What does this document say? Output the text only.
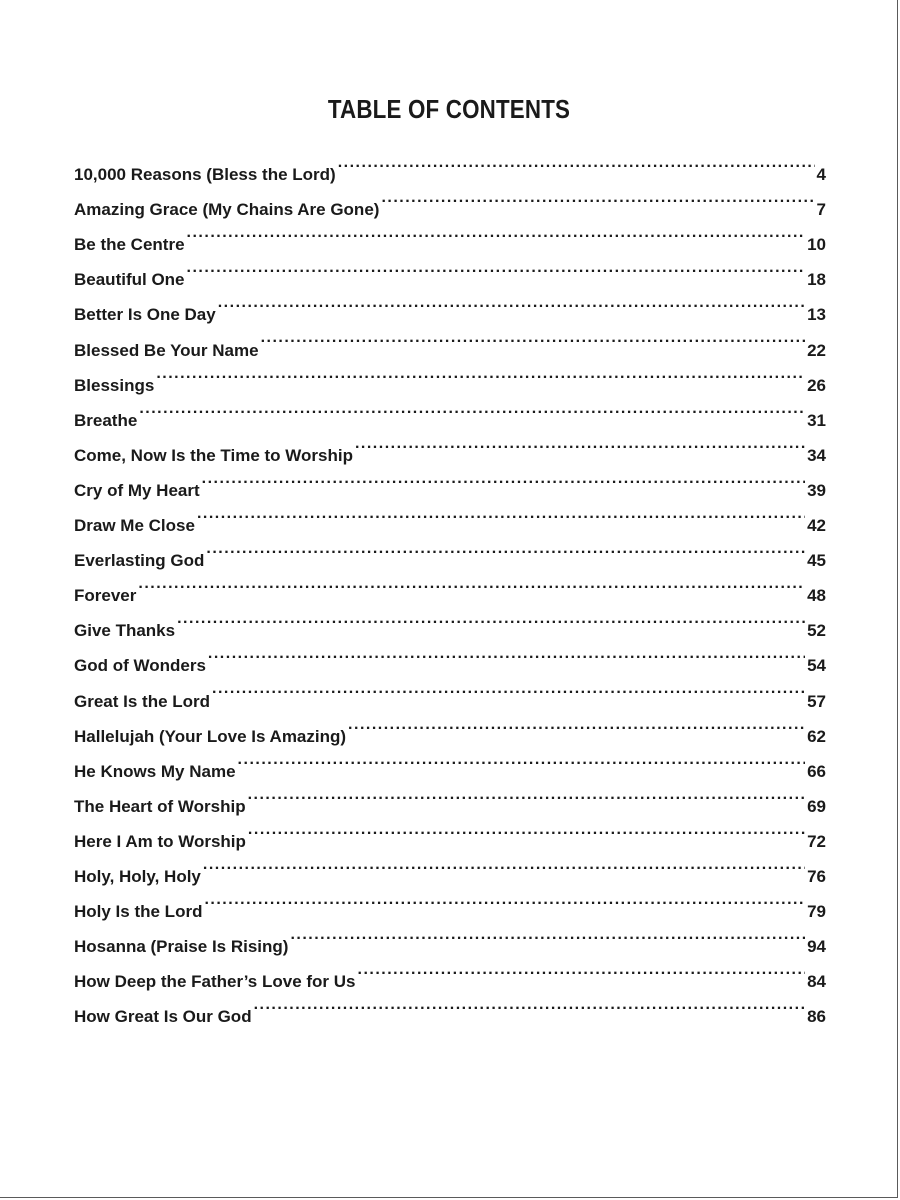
TABLE OF CONTENTS
10,000 Reasons (Bless the Lord) .....	4
Amazing Grace (My Chains Are Gone) .....	7
Be the Centre .....	10
Beautiful One .....	18
Better Is One Day .....	13
Blessed Be Your Name .....	22
Blessings .....	26
Breathe .....	31
Come, Now Is the Time to Worship .....	34
Cry of My Heart .....	39
Draw Me Close .....	42
Everlasting God .....	45
Forever .....	48
Give Thanks .....	52
God of Wonders .....	54
Great Is the Lord .....	57
Hallelujah (Your Love Is Amazing) .....	62
He Knows My Name .....	66
The Heart of Worship .....	69
Here I Am to Worship .....	72
Holy, Holy, Holy .....	76
Holy Is the Lord .....	79
Hosanna (Praise Is Rising) .....	94
How Deep the Father’s Love for Us .....	84
How Great Is Our God .....	86
